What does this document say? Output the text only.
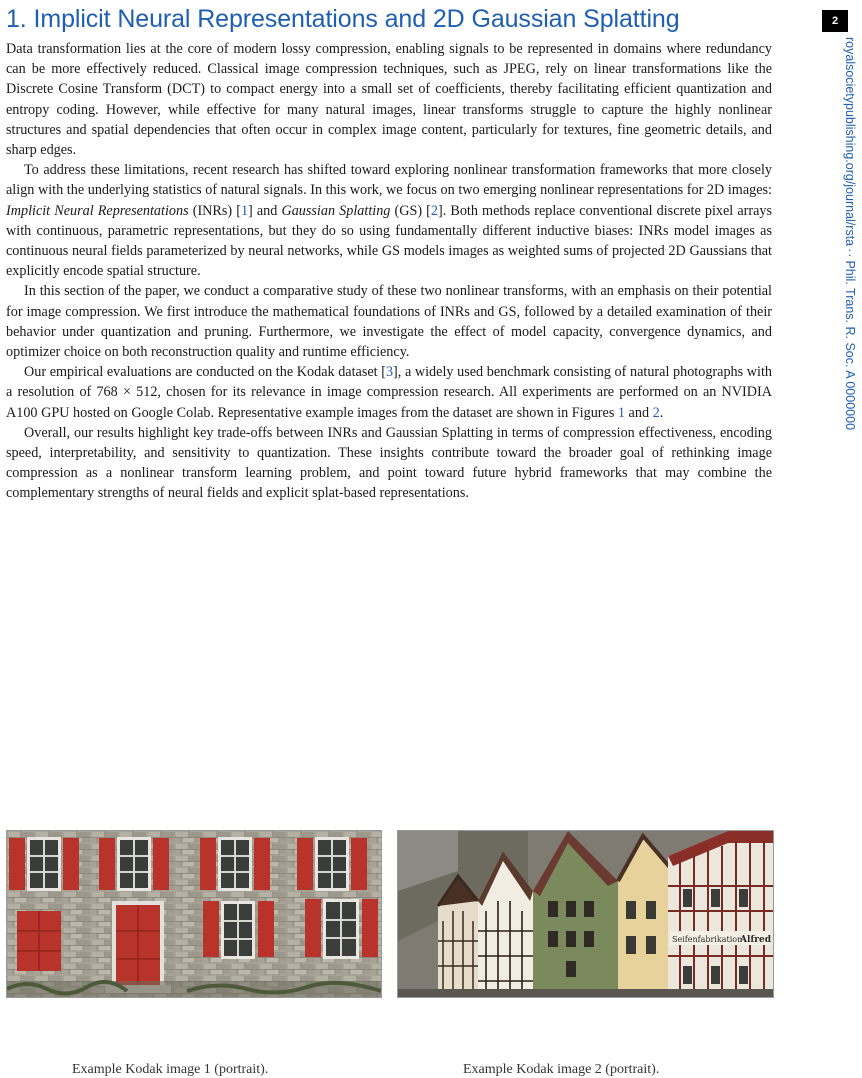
1. Implicit Neural Representations and 2D Gaussian Splatting	2
royalsocietypublishing.org/journal/rsta
··
Phil. Trans. R. Soc. A 0000000

Data transformation lies at the core of modern lossy compression, enabling signals to be represented in domains where redundancy can be more effectively reduced. Classical image compression techniques, such as JPEG, rely on linear transformations like the Discrete Cosine Transform (DCT) to compact energy into a small set of coefficients, thereby facilitating efficient quantization and entropy coding. However, while effective for many natural images, linear transforms struggle to capture the highly nonlinear structures and spatial dependencies that often occur in complex image content, particularly for textures, fine geometric details, and sharp edges.

To address these limitations, recent research has shifted toward exploring nonlinear transformation frameworks that more closely align with the underlying statistics of natural signals. In this work, we focus on two emerging nonlinear representations for 2D images: Implicit Neural Representations (INRs) [1] and Gaussian Splatting (GS) [2]. Both methods replace conventional discrete pixel arrays with continuous, parametric representations, but they do so using fundamentally different inductive biases: INRs model images as continuous neural fields parameterized by neural networks, while GS models images as weighted sums of projected 2D Gaussians that explicitly encode spatial structure.

In this section of the paper, we conduct a comparative study of these two nonlinear transforms, with an emphasis on their potential for image compression. We first introduce the mathematical foundations of INRs and GS, followed by a detailed examination of their behavior under quantization and pruning. Furthermore, we investigate the effect of model capacity, convergence dynamics, and optimizer choice on both reconstruction quality and runtime efficiency.

Our empirical evaluations are conducted on the Kodak dataset [3], a widely used benchmark consisting of natural photographs with a resolution of 768 × 512, chosen for its relevance in image compression research. All experiments are performed on an NVIDIA A100 GPU hosted on Google Colab. Representative example images from the dataset are shown in Figures 1 and 2.

Overall, our results highlight key trade-offs between INRs and Gaussian Splatting in terms of compression effectiveness, encoding speed, interpretability, and sensitivity to quantization. These insights contribute toward the broader goal of rethinking image compression as a nonlinear transform learning problem, and point toward future hybrid frameworks that may combine the complementary strengths of neural fields and explicit splat-based representations.

Seifenfabrikation
Alfred
Example Kodak image 1 (portrait).	Example Kodak image 2 (portrait).
